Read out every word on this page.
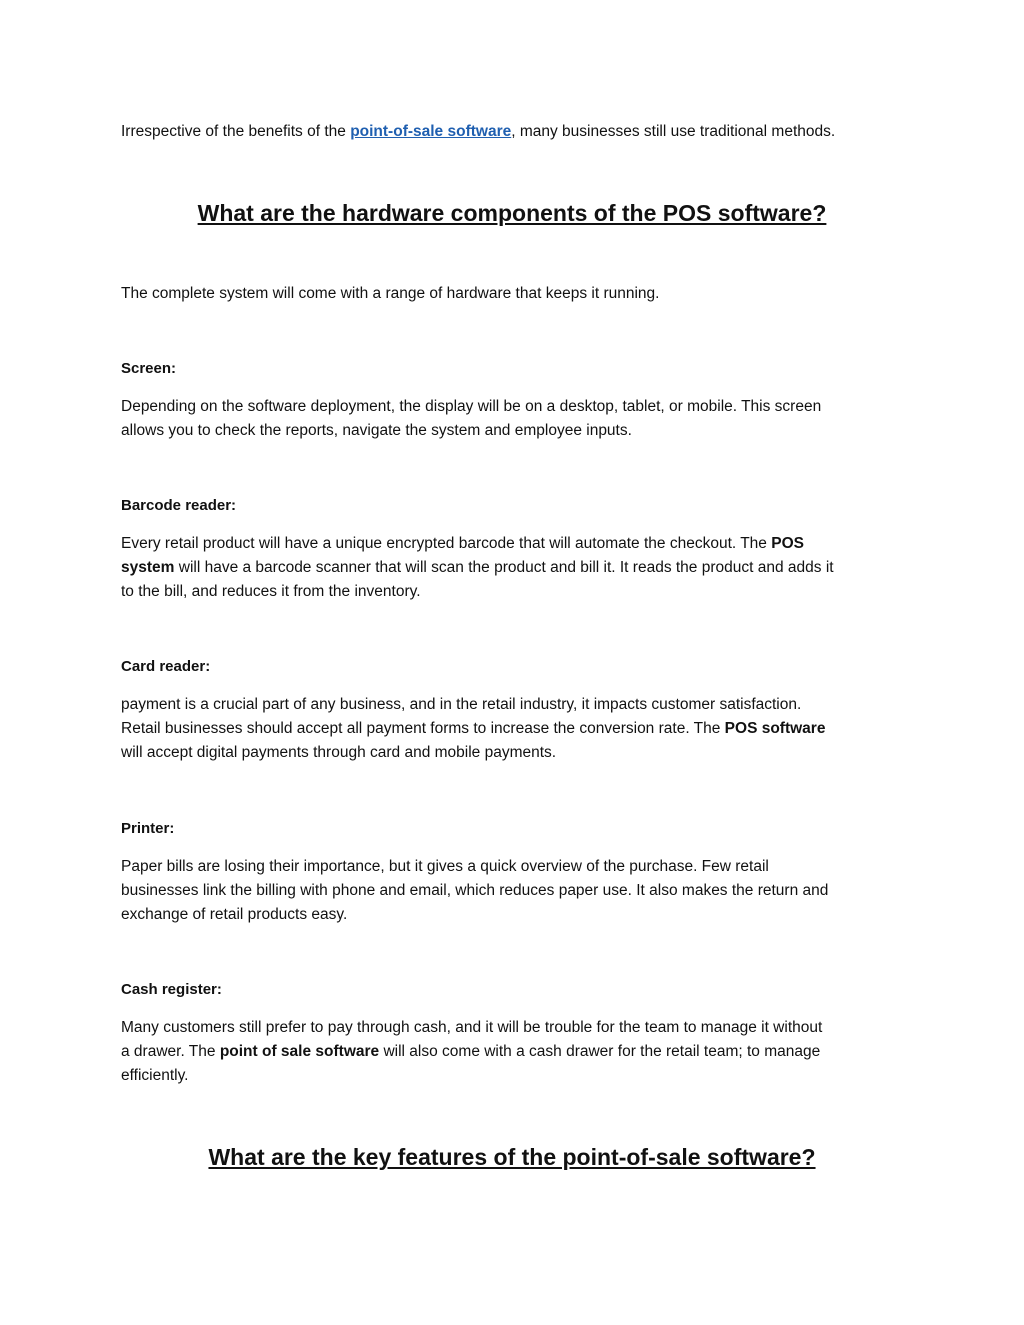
Irrespective of the benefits of the point-of-sale software, many businesses still use traditional methods.

What are the hardware components of the POS software?

The complete system will come with a range of hardware that keeps it running.

Screen:
Depending on the software deployment, the display will be on a desktop, tablet, or mobile. This screen
allows you to check the reports, navigate the system and employee inputs.
Barcode reader:
Every retail product will have a unique encrypted barcode that will automate the checkout. The POS
system will have a barcode scanner that will scan the product and bill it. It reads the product and adds it
to the bill, and reduces it from the inventory.
Card reader:
payment is a crucial part of any business, and in the retail industry, it impacts customer satisfaction.
Retail businesses should accept all payment forms to increase the conversion rate. The POS software
will accept digital payments through card and mobile payments.
Printer:
Paper bills are losing their importance, but it gives a quick overview of the purchase. Few retail
businesses link the billing with phone and email, which reduces paper use. It also makes the return and
exchange of retail products easy.
Cash register:
Many customers still prefer to pay through cash, and it will be trouble for the team to manage it without
a drawer. The point of sale software will also come with a cash drawer for the retail team; to manage
efficiently.
What are the key features of the point-of-sale software?
